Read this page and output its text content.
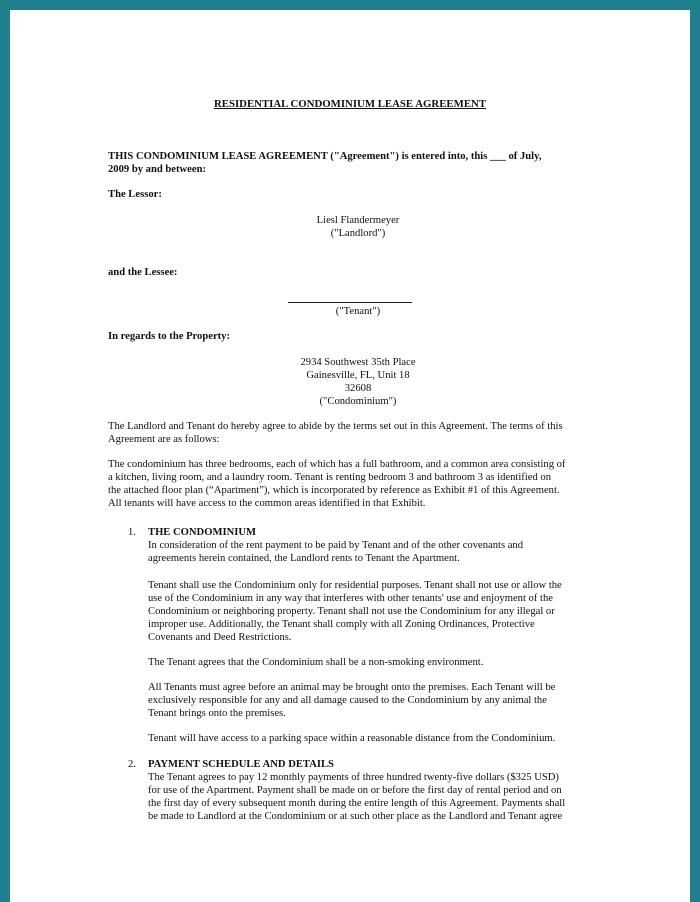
RESIDENTIAL CONDOMINIUM LEASE AGREEMENT
THIS CONDOMINIUM LEASE AGREEMENT ("Agreement") is entered into, this ___ of July,
2009 by and between:
The Lessor:
Liesl Flandermeyer
("Landlord")
and the Lessee:
("Tenant")
In regards to the Property:
2934 Southwest 35th Place
Gainesville, FL, Unit 18
32608
("Condominium")
The Landlord and Tenant do hereby agree to abide by the terms set out in this Agreement. The terms of this
Agreement are as follows:
The condominium has three bedrooms, each of which has a full bathroom, and a common area consisting of
a kitchen, living room, and a laundry room. Tenant is renting bedroom 3 and bathroom 3 as identified on
the attached floor plan (“Apartment”), which is incorporated by reference as Exhibit #1 of this Agreement.
All tenants will have access to the common areas identified in that Exhibit.
1. THE CONDOMINIUM
In consideration of the rent payment to be paid by Tenant and of the other covenants and
agreements herein contained, the Landlord rents to Tenant the Apartment.
Tenant shall use the Condominium only for residential purposes. Tenant shall not use or allow the
use of the Condominium in any way that interferes with other tenants' use and enjoyment of the
Condominium or neighboring property. Tenant shall not use the Condominium for any illegal or
improper use. Additionally, the Tenant shall comply with all Zoning Ordinances, Protective
Covenants and Deed Restrictions.
The Tenant agrees that the Condominium shall be a non-smoking environment.
All Tenants must agree before an animal may be brought onto the premises. Each Tenant will be
exclusively responsible for any and all damage caused to the Condominium by any animal the
Tenant brings onto the premises.
Tenant will have access to a parking space within a reasonable distance from the Condominium.
2. PAYMENT SCHEDULE AND DETAILS
The Tenant agrees to pay 12 monthly payments of three hundred twenty-five dollars ($325 USD)
for use of the Apartment. Payment shall be made on or before the first day of rental period and on
the first day of every subsequent month during the entire length of this Agreement. Payments shall
be made to Landlord at the Condominium or at such other place as the Landlord and Tenant agree
